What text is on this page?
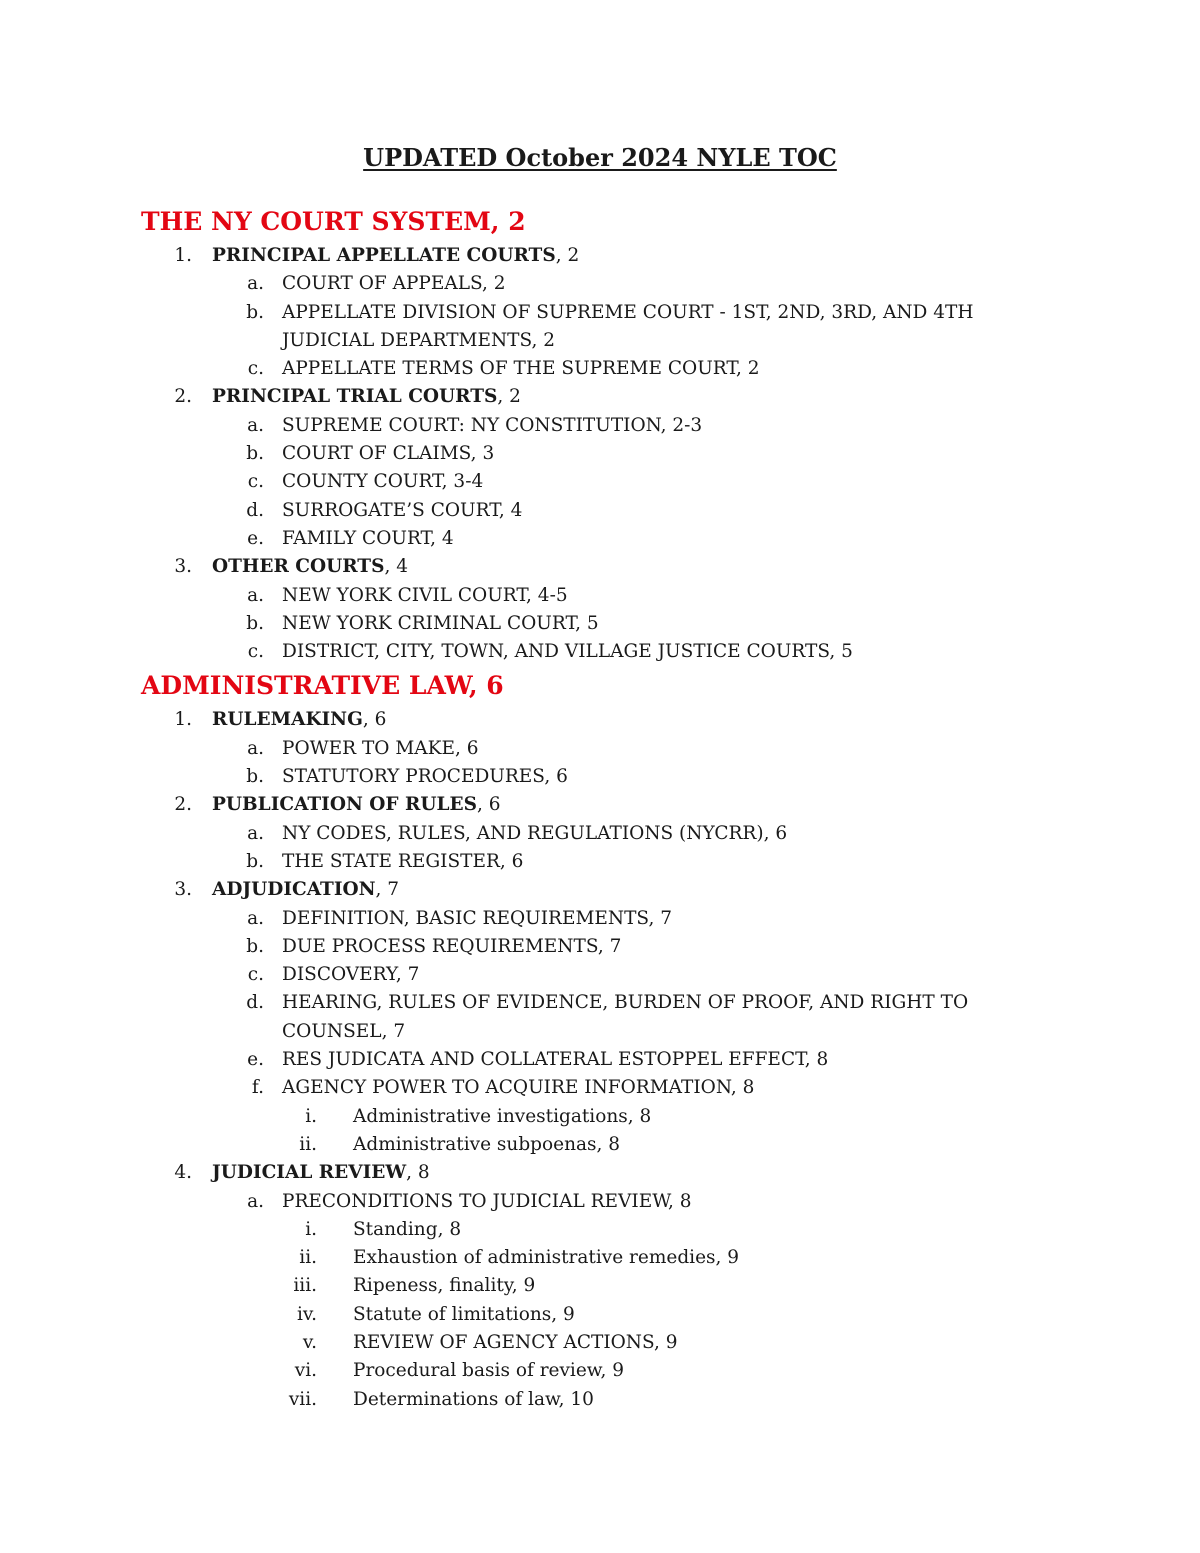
UPDATED October 2024 NYLE TOC
THE NY COURT SYSTEM, 2
1. PRINCIPAL APPELLATE COURTS, 2
a. COURT OF APPEALS, 2
b. APPELLATE DIVISION OF SUPREME COURT - 1ST, 2ND, 3RD, AND 4TH JUDICIAL DEPARTMENTS, 2
c. APPELLATE TERMS OF THE SUPREME COURT, 2
2. PRINCIPAL TRIAL COURTS, 2
a. SUPREME COURT: NY CONSTITUTION, 2-3
b. COURT OF CLAIMS, 3
c. COUNTY COURT, 3-4
d. SURROGATE’S COURT, 4
e. FAMILY COURT, 4
3. OTHER COURTS, 4
a. NEW YORK CIVIL COURT, 4-5
b. NEW YORK CRIMINAL COURT, 5
c. DISTRICT, CITY, TOWN, AND VILLAGE JUSTICE COURTS, 5
ADMINISTRATIVE LAW, 6
1. RULEMAKING, 6
a. POWER TO MAKE, 6
b. STATUTORY PROCEDURES, 6
2. PUBLICATION OF RULES, 6
a. NY CODES, RULES, AND REGULATIONS (NYCRR), 6
b. THE STATE REGISTER, 6
3. ADJUDICATION, 7
a. DEFINITION, BASIC REQUIREMENTS, 7
b. DUE PROCESS REQUIREMENTS, 7
c. DISCOVERY, 7
d. HEARING, RULES OF EVIDENCE, BURDEN OF PROOF, AND RIGHT TO COUNSEL, 7
e. RES JUDICATA AND COLLATERAL ESTOPPEL EFFECT, 8
f. AGENCY POWER TO ACQUIRE INFORMATION, 8
i. Administrative investigations, 8
ii. Administrative subpoenas, 8
4. JUDICIAL REVIEW, 8
a. PRECONDITIONS TO JUDICIAL REVIEW, 8
i. Standing, 8
ii. Exhaustion of administrative remedies, 9
iii. Ripeness, finality, 9
iv. Statute of limitations, 9
v. REVIEW OF AGENCY ACTIONS, 9
vi. Procedural basis of review, 9
vii. Determinations of law, 10
